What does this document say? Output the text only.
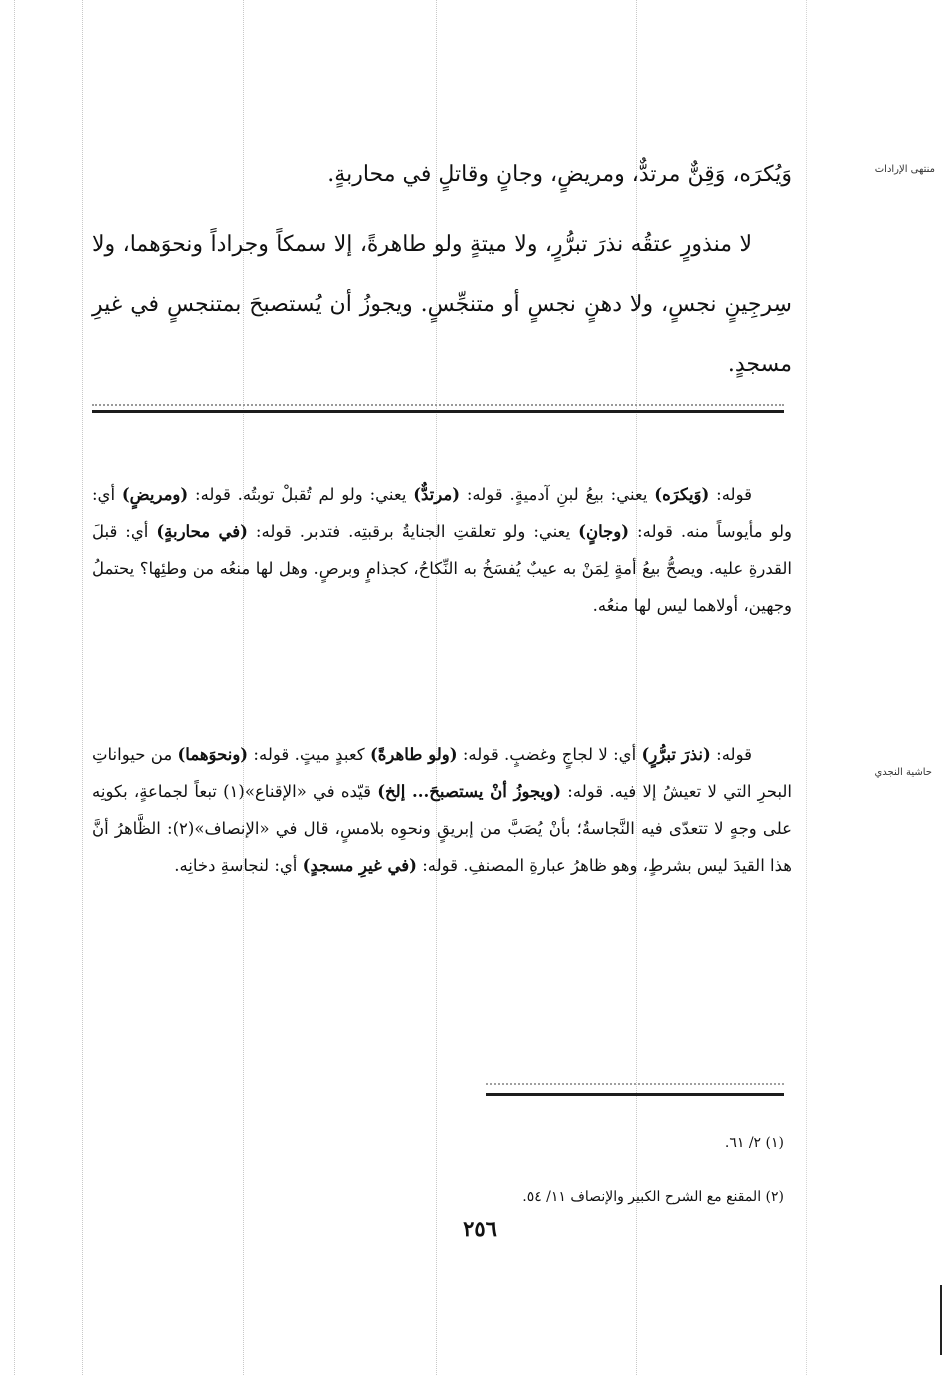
منتهى الإرادات

وَيُكرَه، وَقِنٌّ مرتدٌّ، ومريضٍ، وجانٍ وقاتلٍ في محاربةٍ.

لا منذورٍ عتقُه نذرَ تبرُّرٍ، ولا ميتةٍ ولو طاهرةً، إلا سمكاً وجراداً ونحوَهما، ولا سِرجِينٍ نجسٍ، ولا دهنٍ نجسٍ أو متنجِّسٍ. ويجوزُ أن يُستصبحَ بمتنجسٍ في غيرِ مسجدٍ.

قوله: (وَيكرَه) يعني: بيعُ لبنِ آدميةٍ. قوله: (مرتدٌّ) يعني: ولو لم تُقبلْ توبتُه. قوله: (ومريضٍ) أي: ولو مأيوساً منه. قوله: (وجانٍ) يعني: ولو تعلقتِ الجنايةُ برقبتِه. فتدبر. قوله: (في محاربةٍ) أي: قبلَ القدرةِ عليه. ويصحُّ بيعُ أمةٍ لِمَنْ به عيبٌ يُفسَخُ به النِّكاحُ، كجذامٍ وبرصٍ. وهل لها منعُه من وطئِها؟ يحتملُ وجهين، أولاهما ليس لها منعُه.

حاشية النجدي

قوله: (نذرَ تبرُّرٍ) أي: لا لجاجٍ وغضبٍ. قوله: (ولو طاهرةً) كعبدٍ ميتٍ. قوله: (ونحوَهما) من حيواناتِ البحرِ التي لا تعيشُ إلا فيه. قوله: (ويجوزُ أنْ يستصبحَ... إلخ) قيّده في «الإقناع»(١) تبعاً لجماعةٍ، بكونِه على وجهٍ لا تتعدّى فيه النَّجاسةُ؛ بأنْ يُصَبَّ من إبريقٍ ونحوِه بلامسٍ، قال في «الإنصاف»(٢): الظَّاهرُ أنَّ هذا القيدَ ليس بشرطٍ، وهو ظاهرُ عبارةِ المصنفِ. قوله: (في غيرِ مسجدٍ) أي: لنجاسةِ دخانِه.

(١) ٢/ ٦١.

(٢) المقنع مع الشرح الكبير والإنصاف ١١/ ٥٤.

٢٥٦
